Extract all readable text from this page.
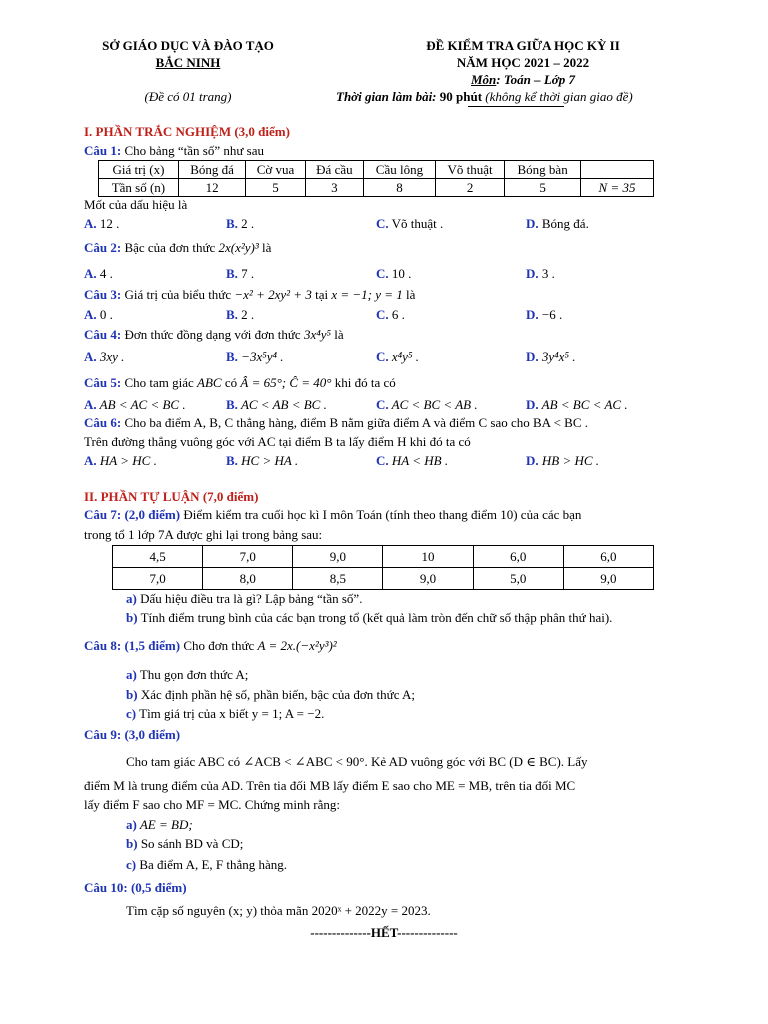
SỞ GIÁO DỤC VÀ ĐÀO TẠO
BẮC NINH
(Đề có 01 trang)
ĐỀ KIỂM TRA GIỮA HỌC KỲ II
NĂM HỌC 2021 – 2022
Môn: Toán – Lớp 7
Thời gian làm bài: 90 phút (không kể thời gian giao đề)
I. PHẦN TRẮC NGHIỆM (3,0 điểm)
Câu 1: Cho bảng “tần số” như sau
Giá trị (x)	Bóng đá	Cờ vua	Đá cầu	Cầu lông	Võ thuật	Bóng bàn	
Tần số (n)	12	5	3	8	2	5	N = 35
Mốt của dấu hiệu là
A. 12 .	B. 2 .	C. Võ thuật .	D. Bóng đá.
Câu 2: Bậc của đơn thức 2x(x²y)³ là
A. 4 .	B. 7 .	C. 10 .	D. 3 .
Câu 3: Giá trị của biểu thức −x² + 2xy² + 3 tại x = −1; y = 1 là
A. 0 .	B. 2 .	C. 6 .	D. −6 .
Câu 4: Đơn thức đồng dạng với đơn thức 3x⁴y⁵ là
A. 3xy .	B. −3x⁵y⁴ .	C. x⁴y⁵ .	D. 3y⁴x⁵ .
Câu 5: Cho tam giác ABC có Â = 65°; Ĉ = 40° khi đó ta có
A. AB < AC < BC .	B. AC < AB < BC .	C. AC < BC < AB .	D. AB < BC < AC .
Câu 6: Cho ba điểm A, B, C thẳng hàng, điểm B nằm giữa điểm A và điểm C sao cho BA < BC .
Trên đường thẳng vuông góc với AC tại điểm B ta lấy điểm H khi đó ta có
A. HA > HC .	B. HC > HA .	C. HA < HB .	D. HB > HC .
II. PHẦN TỰ LUẬN (7,0 điểm)
Câu 7: (2,0 điểm) Điểm kiểm tra cuối học kì I môn Toán (tính theo thang điểm 10) của các bạn
trong tổ 1 lớp 7A được ghi lại trong bảng sau:
4,5	7,0	9,0	10	6,0	6,0
7,0	8,0	8,5	9,0	5,0	9,0
a) Dấu hiệu điều tra là gì? Lập bảng “tần số”.
b) Tính điểm trung bình của các bạn trong tổ (kết quả làm tròn đến chữ số thập phân thứ hai).
Câu 8: (1,5 điểm) Cho đơn thức A = 2x.(−x²y³)²
a) Thu gọn đơn thức A;
b) Xác định phần hệ số, phần biến, bậc của đơn thức A;
c) Tìm giá trị của x biết y = 1; A = −2.
Câu 9: (3,0 điểm)
Cho tam giác ABC có ∠ACB < ∠ABC < 90°. Kẻ AD vuông góc với BC (D ∈ BC). Lấy
điểm M là trung điểm của AD. Trên tia đối MB lấy điểm E sao cho ME = MB, trên tia đối MC
lấy điểm F sao cho MF = MC. Chứng minh rằng:
a) AE = BD;
b) So sánh BD và CD;
c) Ba điểm A, E, F thẳng hàng.
Câu 10: (0,5 điểm)
Tìm cặp số nguyên (x; y) thỏa mãn 2020ˣ + 2022y = 2023.
--------------HẾT--------------
